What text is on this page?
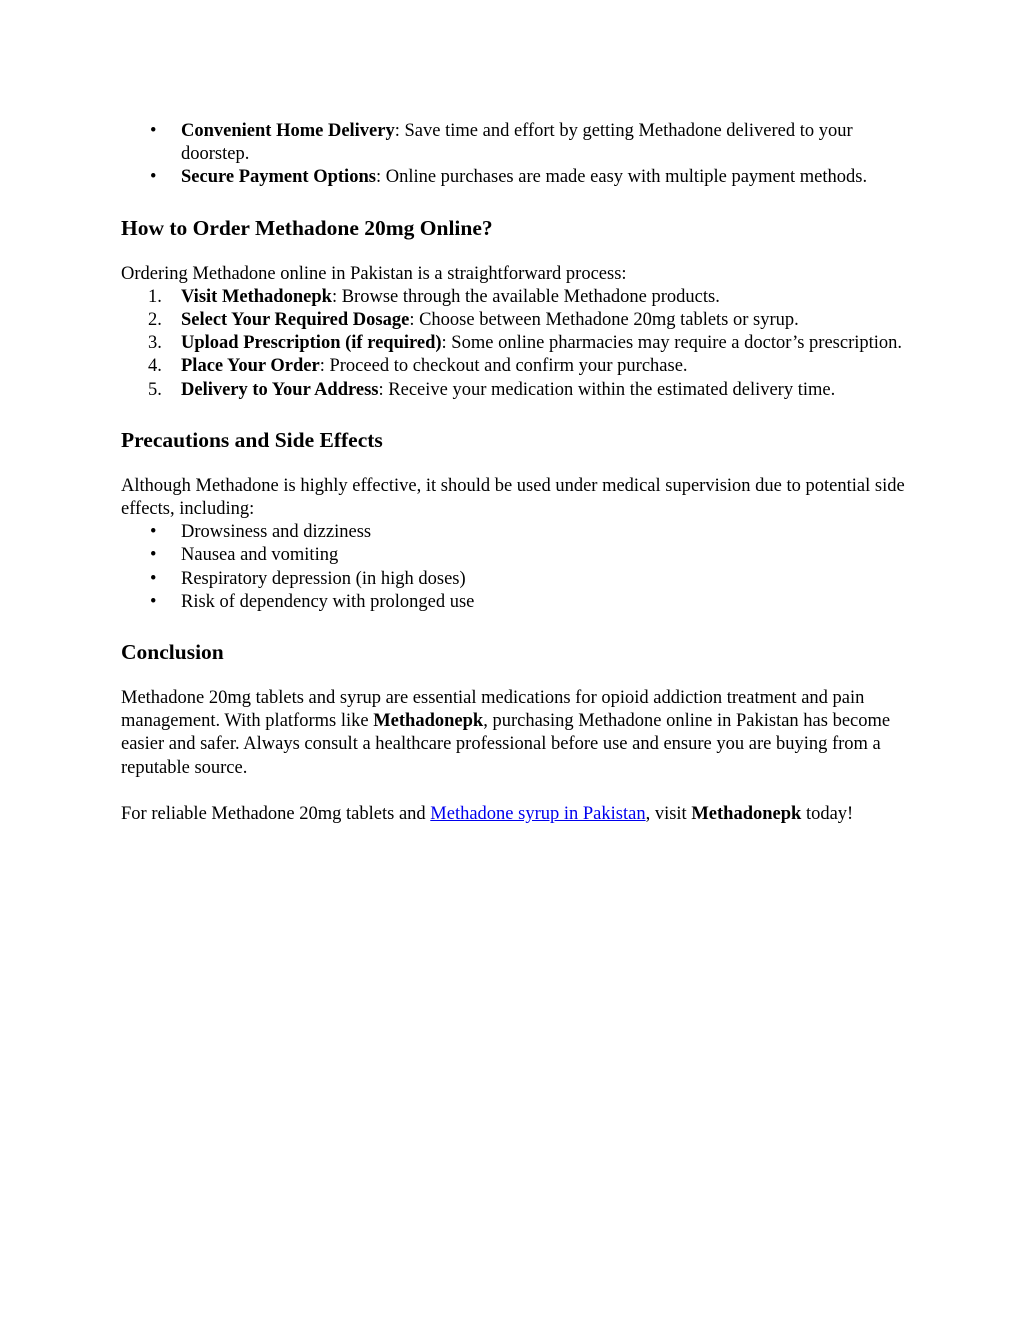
• Convenient Home Delivery: Save time and effort by getting Methadone delivered to your doorstep.
• Secure Payment Options: Online purchases are made easy with multiple payment methods.
How to Order Methadone 20mg Online?

Ordering Methadone online in Pakistan is a straightforward process:

1. Visit Methadonepk: Browse through the available Methadone products.
2. Select Your Required Dosage: Choose between Methadone 20mg tablets or syrup.
3. Upload Prescription (if required): Some online pharmacies may require a doctor’s prescription.
4. Place Your Order: Proceed to checkout and confirm your purchase.
5. Delivery to Your Address: Receive your medication within the estimated delivery time.
Precautions and Side Effects

Although Methadone is highly effective, it should be used under medical supervision due to potential side effects, including:

• Drowsiness and dizziness
• Nausea and vomiting
• Respiratory depression (in high doses)
• Risk of dependency with prolonged use
Conclusion

Methadone 20mg tablets and syrup are essential medications for opioid addiction treatment and pain management. With platforms like Methadonepk, purchasing Methadone online in Pakistan has become easier and safer. Always consult a healthcare professional before use and ensure you are buying from a reputable source.

For reliable Methadone 20mg tablets and Methadone syrup in Pakistan, visit Methadonepk today!
